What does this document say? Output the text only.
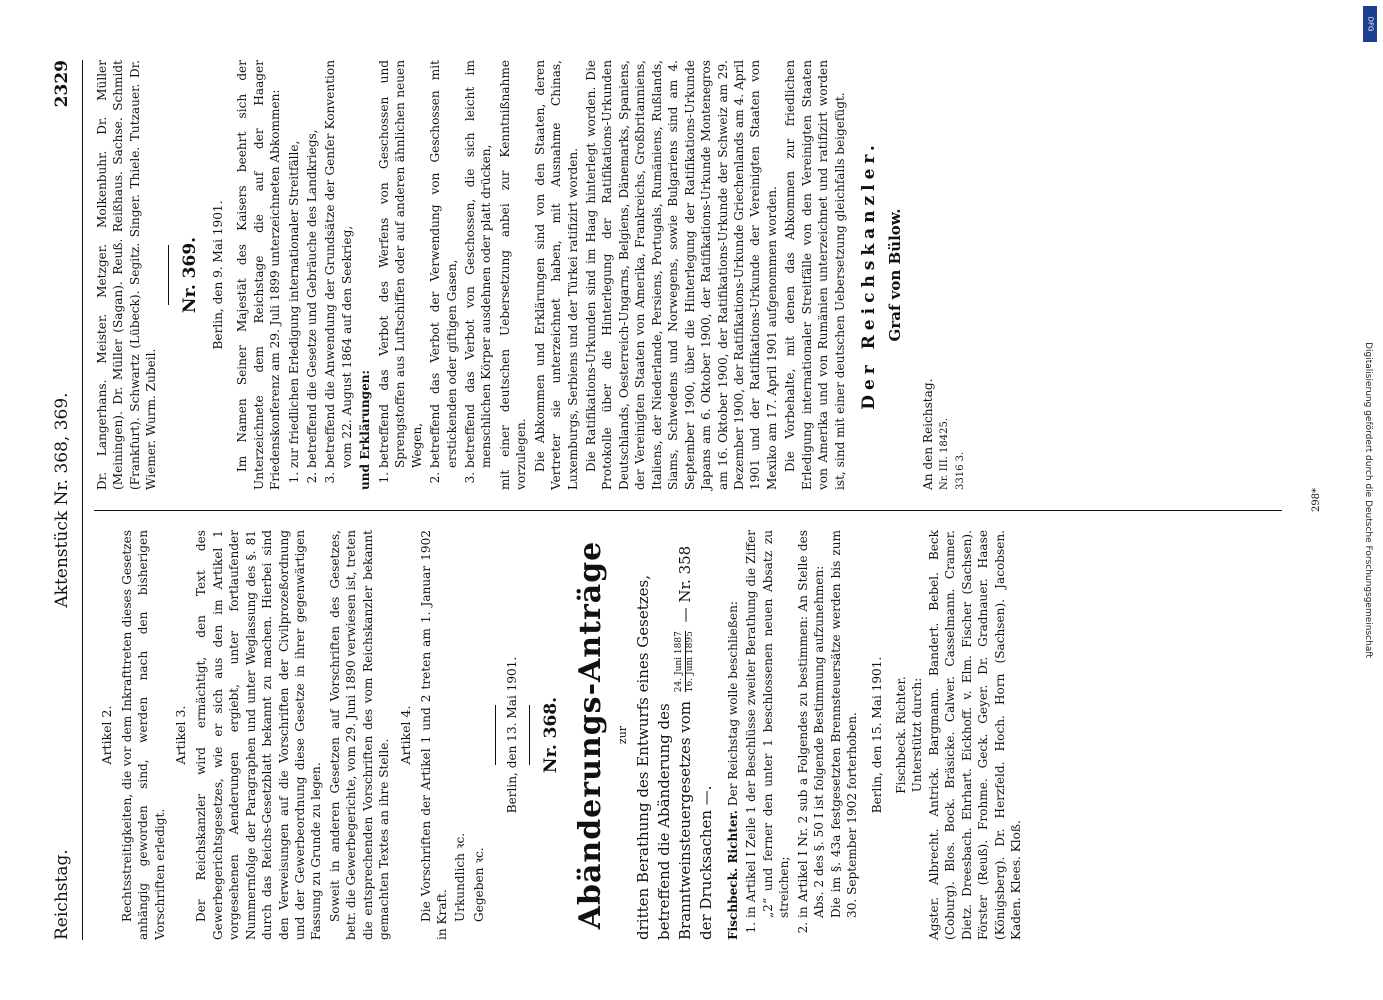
Reichstag.
Aktenstück Nr. 368, 369.
2329
Artikel 2. Rechtsstreitigkeiten, die vor dem Inkrafttreten dieses Gesetzes anhängig geworden sind, werden nach den bisherigen Vorschriften erledigt.

Artikel 3. Der Reichskanzler wird ermächtigt, den Text des Gewerbegerichtsgesetzes, wie er sich aus den im Artikel 1 vorgesehenen Aenderungen ergiebt, unter fortlaufender Nummernfolge der Paragraphen und unter Weglassung des §. 81 durch das Reichs-Gesetzblatt bekannt zu machen. Hierbei sind den Verweisungen auf die Vorschriften der Civilprozeßordnung und der Gewerbeordnung diese Gesetze in ihrer gegenwärtigen Fassung zu Grunde zu legen. Soweit in anderen Gesetzen auf Vorschriften des Gesetzes, betr. die Gewerbegerichte, vom 29. Juni 1890 verwiesen ist, treten die entsprechenden Vorschriften des vom Reichskanzler bekannt gemachten Textes an ihre Stelle.

Artikel 4. Die Vorschriften der Artikel 1 und 2 treten am 1. Januar 1902 in Kraft. Urkundlich ꝛc. Gegeben ꝛc.

Berlin, den 13. Mai 1901. Nr. 368. Abänderungs-Anträge zur dritten Berathung des Entwurfs eines Gesetzes, betreffend die Abänderung des Branntweinsteuergesetzes vom
24. Juni 1887 16. Juni 1895 — Nr. 358 der Drucksachen —. Fischbeck. Richter. Der Reichstag wolle beschließen: 1. in Artikel I Zeile 1 der Beschlüsse zweiter Berathung die Ziffer „2“ und ferner den unter 1 beschlossenen neuen Absatz zu streichen; 2. in Artikel I Nr. 2 sub a Folgendes zu bestimmen: An Stelle des Abs. 2 des §. 50 I ist folgende Bestimmung aufzunehmen: Die im §. 43a festgesetzten Brennsteuersätze werden bis zum 30. September 1902 forterhoben. Berlin, den 15. Mai 1901. Fischbeck. Richter. Unterstützt durch: Agster. Albrecht. Antrick. Bargmann. Bandert. Bebel. Beck (Coburg). Blos. Bock. Bräsicke. Calwer. Casselmann. Cramer. Dietz. Dreesbach. Ehrhart. Eickhoff. v. Elm. Fischer (Sachsen). Förster (Reuß). Frohme. Geck. Geyer. Dr. Gradnauer. Haase (Königsberg). Dr. Herzfeld. Hoch. Horn (Sachsen). Jacobsen. Kaden. Klees. Kloß.

Dr. Langerhans. Meister. Metzger. Molkenbuhr. Dr. Müller (Meiningen). Dr. Müller (Sagan). Reuß. Reißhaus. Sachse. Schmidt (Frankfurt). Schwartz (Lübeck). Segitz. Singer. Thiele. Tutzauer. Dr. Wiemer. Wurm. Zubeil.

Nr. 369. Berlin, den 9. Mai 1901. Im Namen Seiner Majestät des Kaisers beehrt sich der Unterzeichnete dem Reichstage die auf der Haager Friedenskonferenz am 29. Juli 1899 unterzeichneten Abkommen: 1. zur friedlichen Erledigung internationaler Streitfälle, 2. betreffend die Gesetze und Gebräuche des Landkriegs, 3. betreffend die Anwendung der Grundsätze der Genfer Konvention vom 22. August 1864 auf den Seekrieg, und Erklärungen: 1. betreffend das Verbot des Werfens von Geschossen und Sprengstoffen aus Luftschiffen oder auf anderen ähnlichen neuen Wegen, 2. betreffend das Verbot der Verwendung von Geschossen mit erstickenden oder giftigen Gasen, 3. betreffend das Verbot von Geschossen, die sich leicht im menschlichen Körper ausdehnen oder platt drücken, mit einer deutschen Uebersetzung anbei zur Kenntnißnahme vorzulegen. Die Abkommen und Erklärungen sind von den Staaten, deren Vertreter sie unterzeichnet haben, mit Ausnahme Chinas, Luxemburgs, Serbiens und der Türkei ratifizirt worden. Die Ratifikations-Urkunden sind im Haag hinterlegt worden. Die Protokolle über die Hinterlegung der Ratifikations-Urkunden Deutschlands, Oesterreich-Ungarns, Belgiens, Dänemarks, Spaniens, der Vereinigten Staaten von Amerika, Frankreichs, Großbritanniens, Italiens, der Niederlande, Persiens, Portugals, Rumäniens, Rußlands, Siams, Schwedens und Norwegens, sowie Bulgariens sind am 4. September 1900, über die Hinterlegung der Ratifikations-Urkunde Japans am 6. Oktober 1900, der Ratifikations-Urkunde Montenegros am 16. Oktober 1900, der Ratifikations-Urkunde der Schweiz am 29. Dezember 1900, der Ratifikations-Urkunde Griechenlands am 4. April 1901 und der Ratifikations-Urkunde der Vereinigten Staaten von Mexiko am 17. April 1901 aufgenommen worden. Die Vorbehalte, mit denen das Abkommen zur friedlichen Erledigung internationaler Streitfälle von den Vereinigten Staaten von Amerika und von Rumänien unterzeichnet und ratifizirt worden ist, sind mit einer deutschen Uebersetzung gleichfalls beigefügt. Der Reichskanzler. Graf von Bülow.

An den Reichstag. Nr. III. 18425. 3316 3.

298*	Digitalisierung gefördert durch die Deutsche Forschungsgemeinschaft
DFG
